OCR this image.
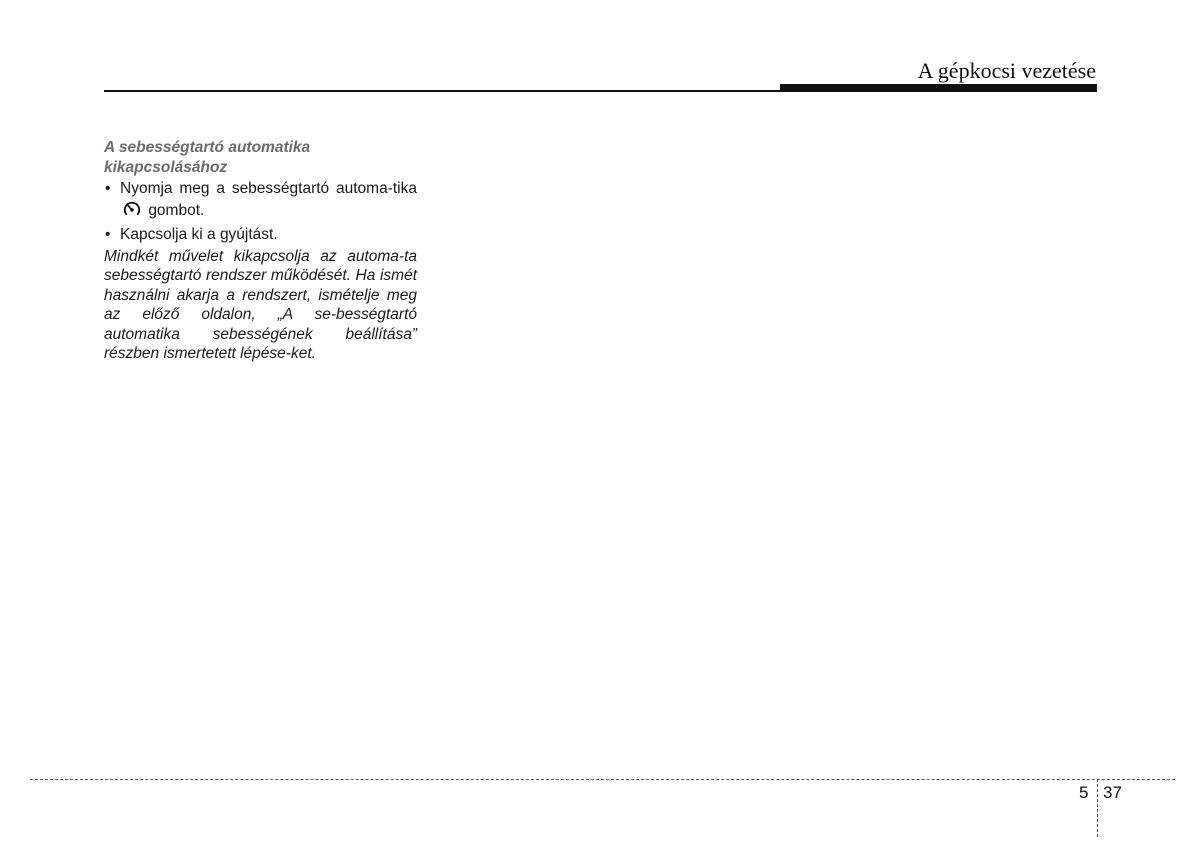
A gépkocsi vezetése
A sebességtartó automatika kikapcsolásához
• Nyomja meg a sebességtartó automa-tika  gombot.
• Kapcsolja ki a gyújtást.

Mindkét művelet kikapcsolja az automa-ta sebességtartó rendszer működését. Ha ismét használni akarja a rendszert, ismételje meg az előző oldalon, „A se-bességtartó automatika sebességének beállítása” részben ismertetett lépése-ket.

5 37
